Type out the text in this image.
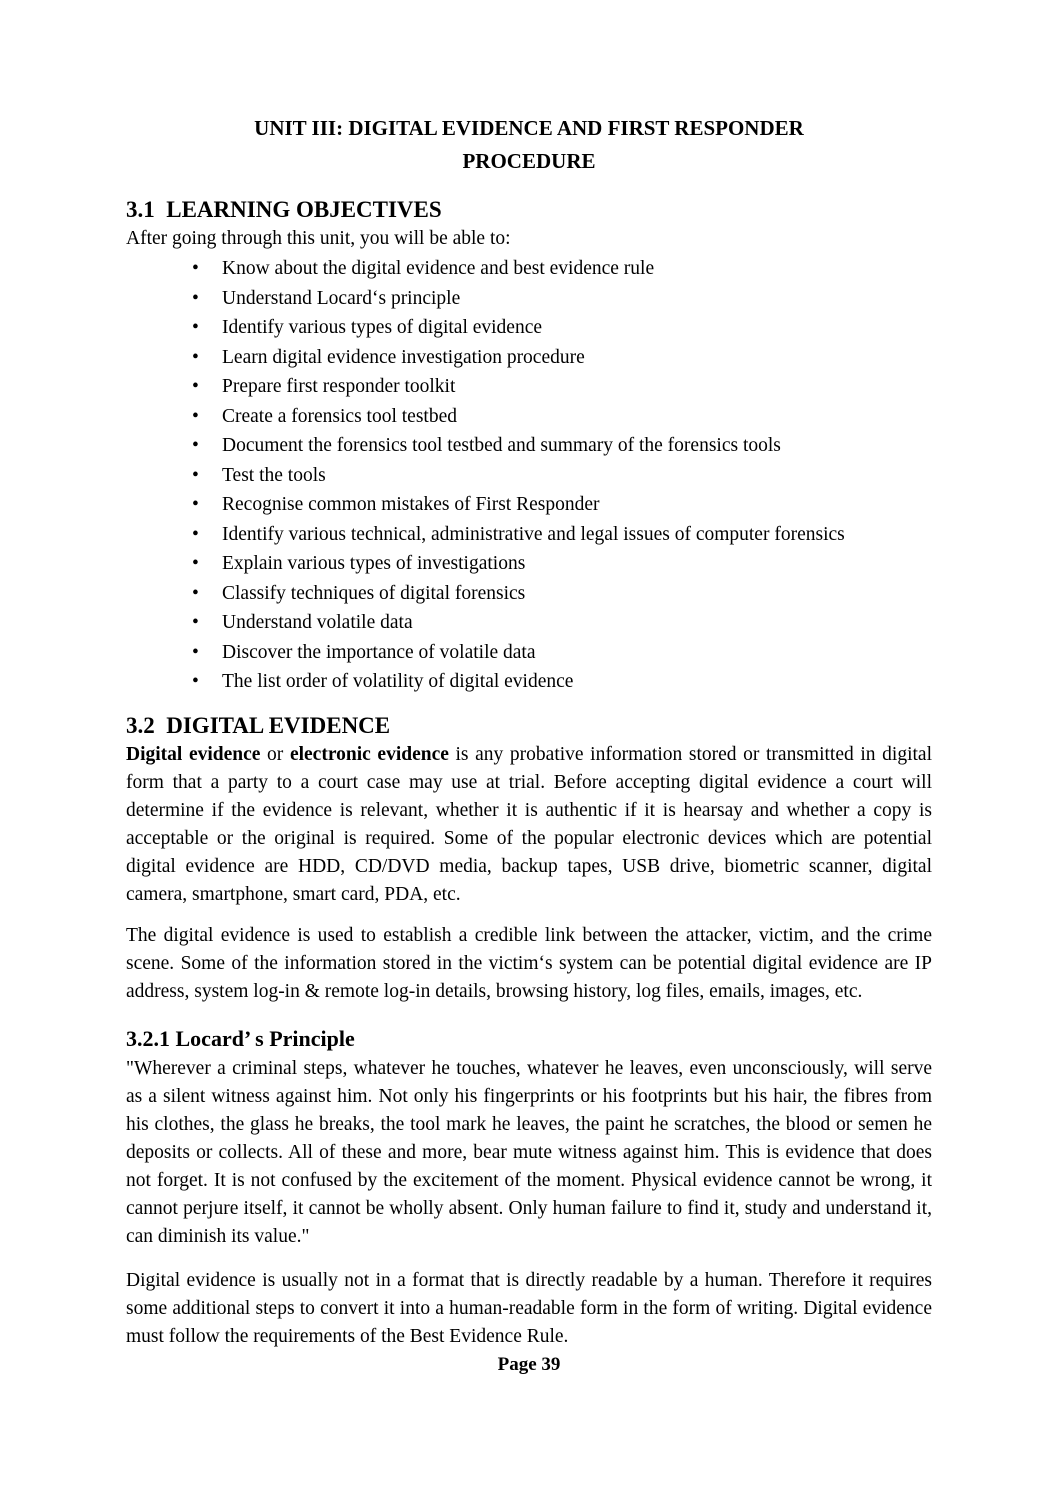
UNIT III: DIGITAL EVIDENCE AND FIRST RESPONDER
PROCEDURE
3.1  LEARNING OBJECTIVES
After going through this unit, you will be able to:
• Know about the digital evidence and best evidence rule
• Understand Locard‘s principle
• Identify various types of digital evidence
• Learn digital evidence investigation procedure
• Prepare first responder toolkit
• Create a forensics tool testbed
• Document the forensics tool testbed and summary of the forensics tools
• Test the tools
• Recognise common mistakes of First Responder
• Identify various technical, administrative and legal issues of computer forensics
• Explain various types of investigations
• Classify techniques of digital forensics
• Understand volatile data
• Discover the importance of volatile data
• The list order of volatility of digital evidence
3.2  DIGITAL EVIDENCE

Digital evidence or electronic evidence is any probative information stored or transmitted in digital form that a party to a court case may use at trial. Before accepting digital evidence a court will determine if the evidence is relevant, whether it is authentic if it is hearsay and whether a copy is acceptable or the original is required. Some of the popular electronic devices which are potential digital evidence are HDD, CD/DVD media, backup tapes, USB drive, biometric scanner, digital camera, smartphone, smart card, PDA, etc.

The digital evidence is used to establish a credible link between the attacker, victim, and the crime scene. Some of the information stored in the victim‘s system can be potential digital evidence are IP address, system log-in & remote log-in details, browsing history, log files, emails, images, etc.

3.2.1 Locard’ s Principle

"Wherever a criminal steps, whatever he touches, whatever he leaves, even unconsciously, will serve as a silent witness against him. Not only his fingerprints or his footprints but his hair, the fibres from his clothes, the glass he breaks, the tool mark he leaves, the paint he scratches, the blood or semen he deposits or collects. All of these and more, bear mute witness against him. This is evidence that does not forget. It is not confused by the excitement of the moment. Physical evidence cannot be wrong, it cannot perjure itself, it cannot be wholly absent. Only human failure to find it, study and understand it, can diminish its value."

Digital evidence is usually not in a format that is directly readable by a human. Therefore it requires some additional steps to convert it into a human-readable form in the form of writing. Digital evidence must follow the requirements of the Best Evidence Rule.

Page 39
